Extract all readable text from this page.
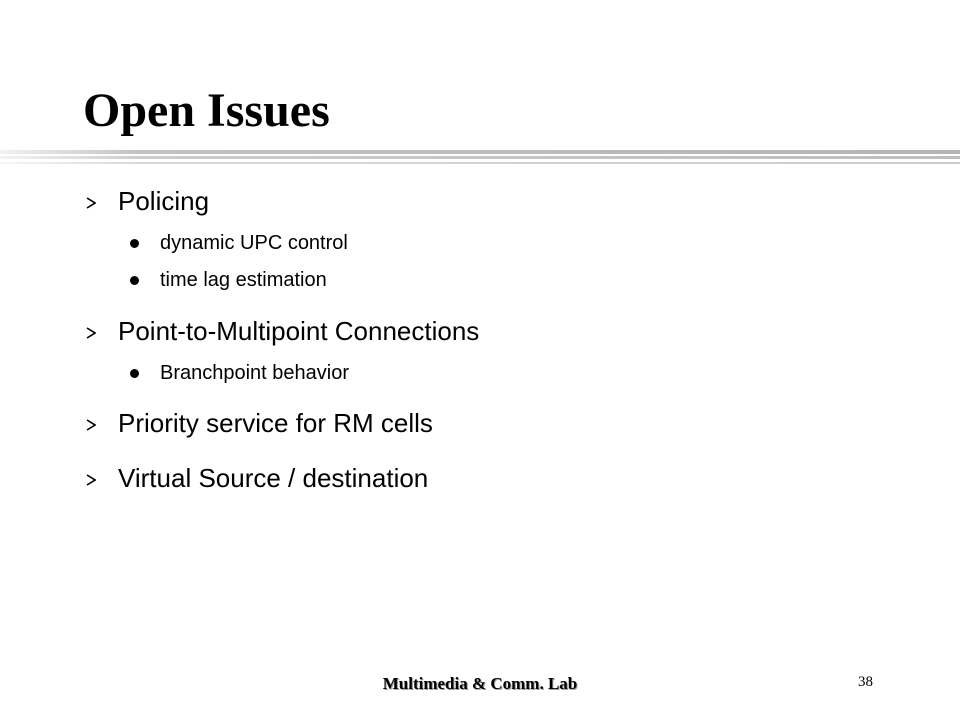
Open Issues
Policing
dynamic UPC control
time lag estimation
Point-to-Multipoint Connections
Branchpoint behavior
Priority service for RM cells
Virtual Source / destination
Multimedia & Comm. Lab	38
